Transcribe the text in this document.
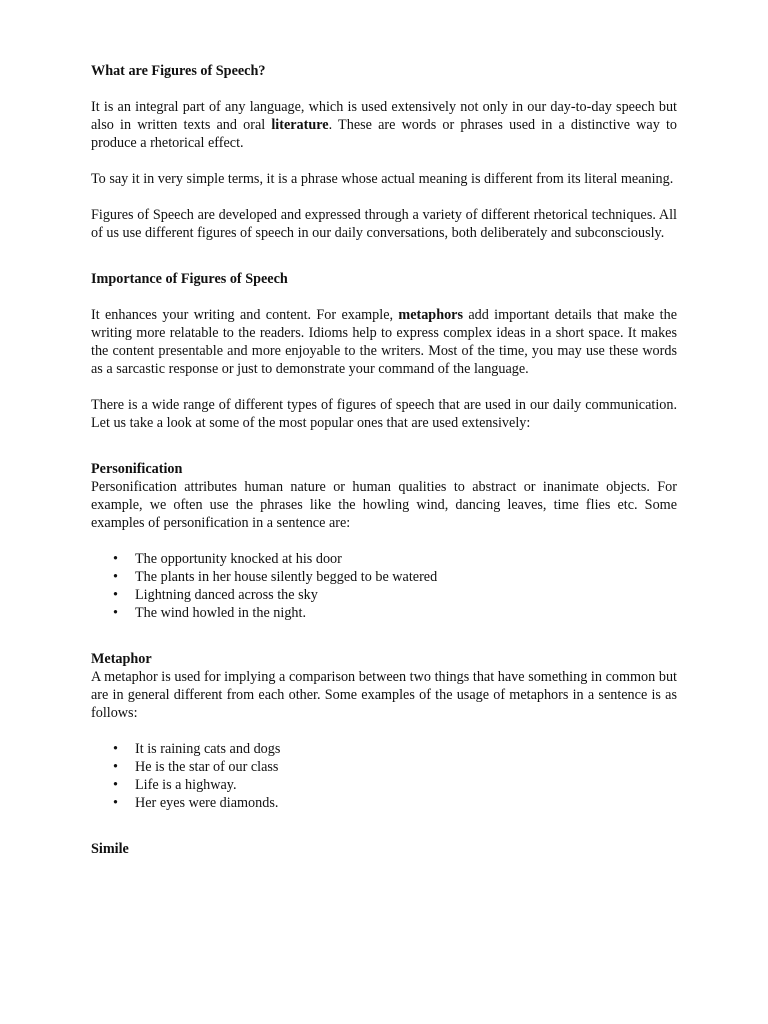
What are Figures of Speech?

It is an integral part of any language, which is used extensively not only in our day-to-day speech but also in written texts and oral literature. These are words or phrases used in a distinctive way to produce a rhetorical effect.

To say it in very simple terms, it is a phrase whose actual meaning is different from its literal meaning.

Figures of Speech are developed and expressed through a variety of different rhetorical techniques. All of us use different figures of speech in our daily conversations, both deliberately and subconsciously.

Importance of Figures of Speech

It enhances your writing and content. For example, metaphors add important details that make the writing more relatable to the readers. Idioms help to express complex ideas in a short space. It makes the content presentable and more enjoyable to the writers. Most of the time, you may use these words as a sarcastic response or just to demonstrate your command of the language.

There is a wide range of different types of figures of speech that are used in our daily communication. Let us take a look at some of the most popular ones that are used extensively:

Personification

Personification attributes human nature or human qualities to abstract or inanimate objects. For example, we often use the phrases like the howling wind, dancing leaves, time flies etc. Some examples of personification in a sentence are:

• The opportunity knocked at his door
• The plants in her house silently begged to be watered
• Lightning danced across the sky
• The wind howled in the night.
Metaphor

A metaphor is used for implying a comparison between two things that have something in common but are in general different from each other. Some examples of the usage of metaphors in a sentence is as follows:

• It is raining cats and dogs
• He is the star of our class
• Life is a highway.
• Her eyes were diamonds.
Simile
